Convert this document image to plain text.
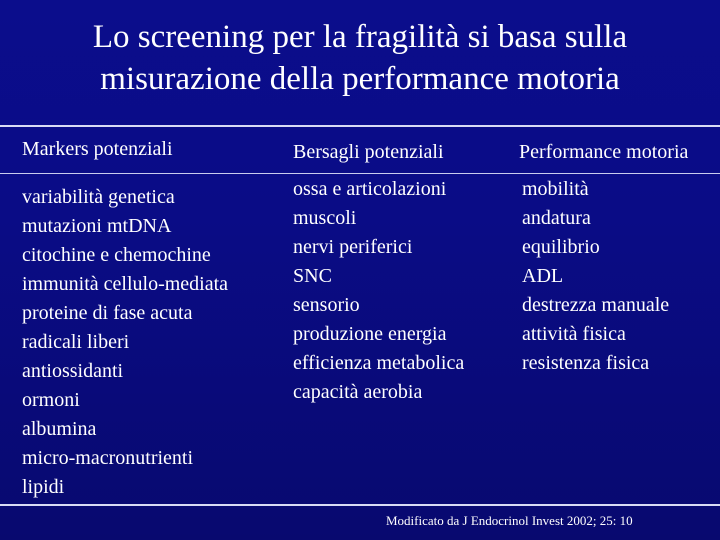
Lo screening per la fragilità si basa sulla
misurazione della performance motoria
Markers potenziali	Bersagli potenziali	Performance motoria
variabilità genetica
mutazioni mtDNA
citochine e chemochine
immunità cellulo-mediata
proteine di fase acuta
radicali liberi
antiossidanti
ormoni
albumina
micro-macronutrienti
lipidi
ossa e articolazioni
muscoli
nervi periferici
SNC
sensorio
produzione energia
efficienza metabolica
capacità aerobia
mobilità
andatura
equilibrio
ADL
destrezza manuale
attività fisica
resistenza fisica
Modificato da J Endocrinol Invest 2002; 25: 10
